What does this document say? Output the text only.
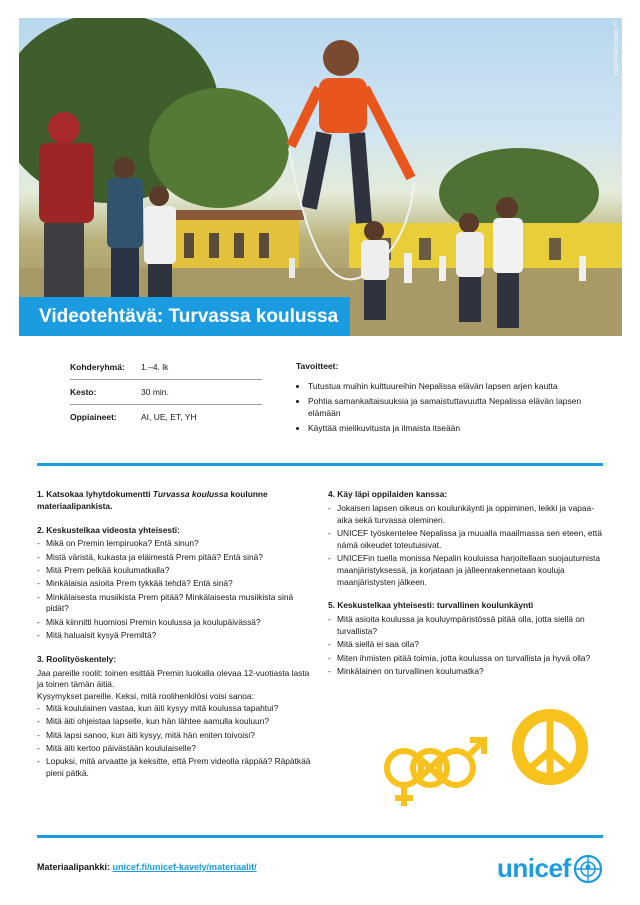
©UNICEF/Nybo/2024
Videotehtävä: Turvassa koulussa
Kohderyhmä:	1.–4. lk
Kesto:	30 min.
Oppiaineet:	AI, UE, ET, YH
Tavoitteet:
• Tutustua muihin kulttuureihin Nepalissa elävän lapsen arjen kautta
• Pohtia samankaltaisuuksia ja samaistuttavuutta Nepalissa elävän lapsen elämään
• Käyttää mielikuvitusta ja ilmaista itseään
1. Katsokaa lyhytdokumentti Turvassa koulussa koulunne materiaalipankista.
2. Keskustelkaa videosta yhteisesti:
- Mikä on Premin lempiruoka? Entä sinun?
- Mistä väristä, kukasta ja eläimestä Prem pitää? Entä sinä?
- Mitä Prem pelkää koulumatkalla?
- Minkälaisia asioita Prem tykkää tehdä? Entä sinä?
- Minkälaisesta musiikista Prem pitää? Minkälaisesta musiikista sinä pidät?
- Mikä kiinnitti huomiosi Premin koulussa ja koulupäivässä?
- Mitä haluaisit kysyä Premiltä?
3. Roolityöskentely:

Jaa pareille roolit: toinen esittää Premin luokalla olevaa 12-vuotiasta lasta ja toinen tämän äitiä.

Kysymykset pareille. Keksi, mitä roolihenkilösi voisi sanoa:

- Mitä koululainen vastaa, kun äiti kysyy mitä koulussa tapahtui?
- Mitä äiti ohjeistaa lapselle, kun hän lähtee aamulla kouluun?
- Mitä lapsi sanoo, kun äiti kysyy, mitä hän eniten toivoisi?
- Mitä äiti kertoo päivästään koululaiselle?
- Lopuksi, mitä arvaatte ja keksitte, että Prem videolla räppää? Räpätkää pieni pätkä.
4. Käy läpi oppilaiden kanssa:
- Jokaisen lapsen oikeus on koulunkäynti ja oppiminen, leikki ja vapaa-aika sekä turvassa oleminen.
- UNICEF työskentelee Nepalissa ja muualla maailmassa sen eteen, että nämä oikeudet toteutuisivat.
- UNICEFin tuella monissa Nepalin kouluissa harjoitellaan suojautumista maanjäristyksessä, ja korjataan ja jälleenrakennetaan kouluja maanjäristysten jälkeen.
5. Keskustelkaa yhteisesti: turvallinen koulunkäynti
- Mitä asioita koulussa ja kouluympäristössä pitää olla, jotta siellä on turvallista?
- Mitä siellä ei saa olla?
- Miten ihmisten pitää toimia, jotta koulussa on turvallista ja hyvä olla?
- Minkälainen on turvallinen koulumatka?
Materiaalipankki: unicef.fi/unicef-kavely/materiaalit/	unicef
